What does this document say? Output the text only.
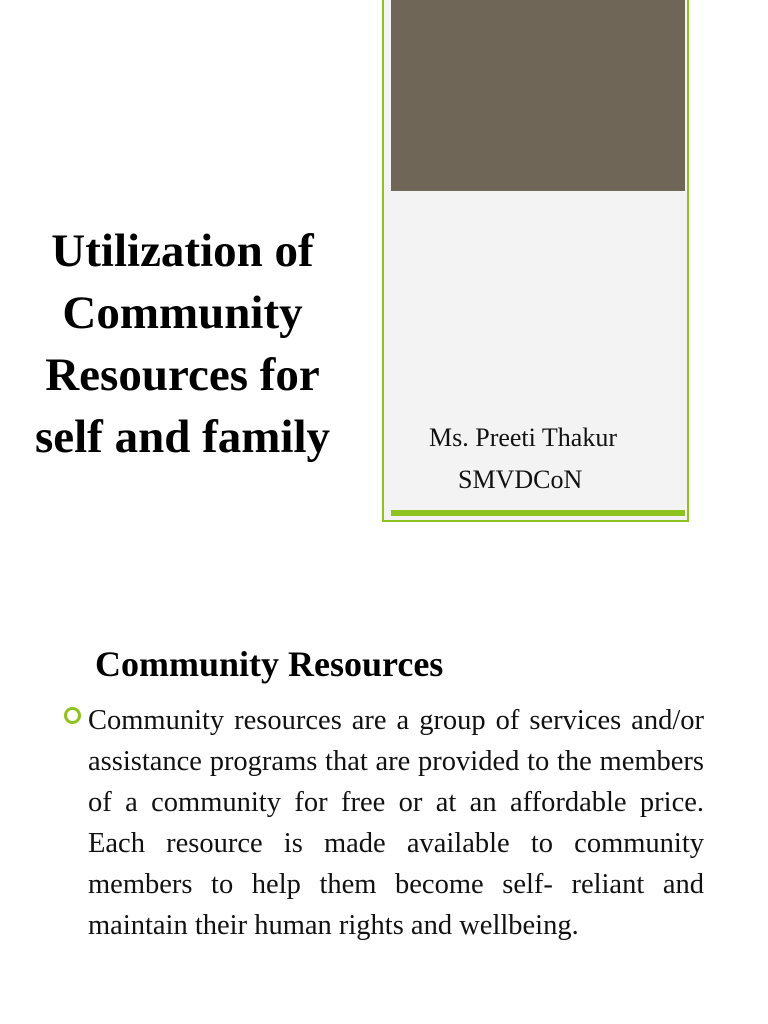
Utilization of
Community
Resources for
self and family	Ms. Preeti Thakur
SMVDCoN
Community Resources

Community resources are a group of services and/or assistance programs that are provided to the members of a community for free or at an affordable price. Each resource is made available to community members to help them become self- reliant and maintain their human rights and wellbeing.
